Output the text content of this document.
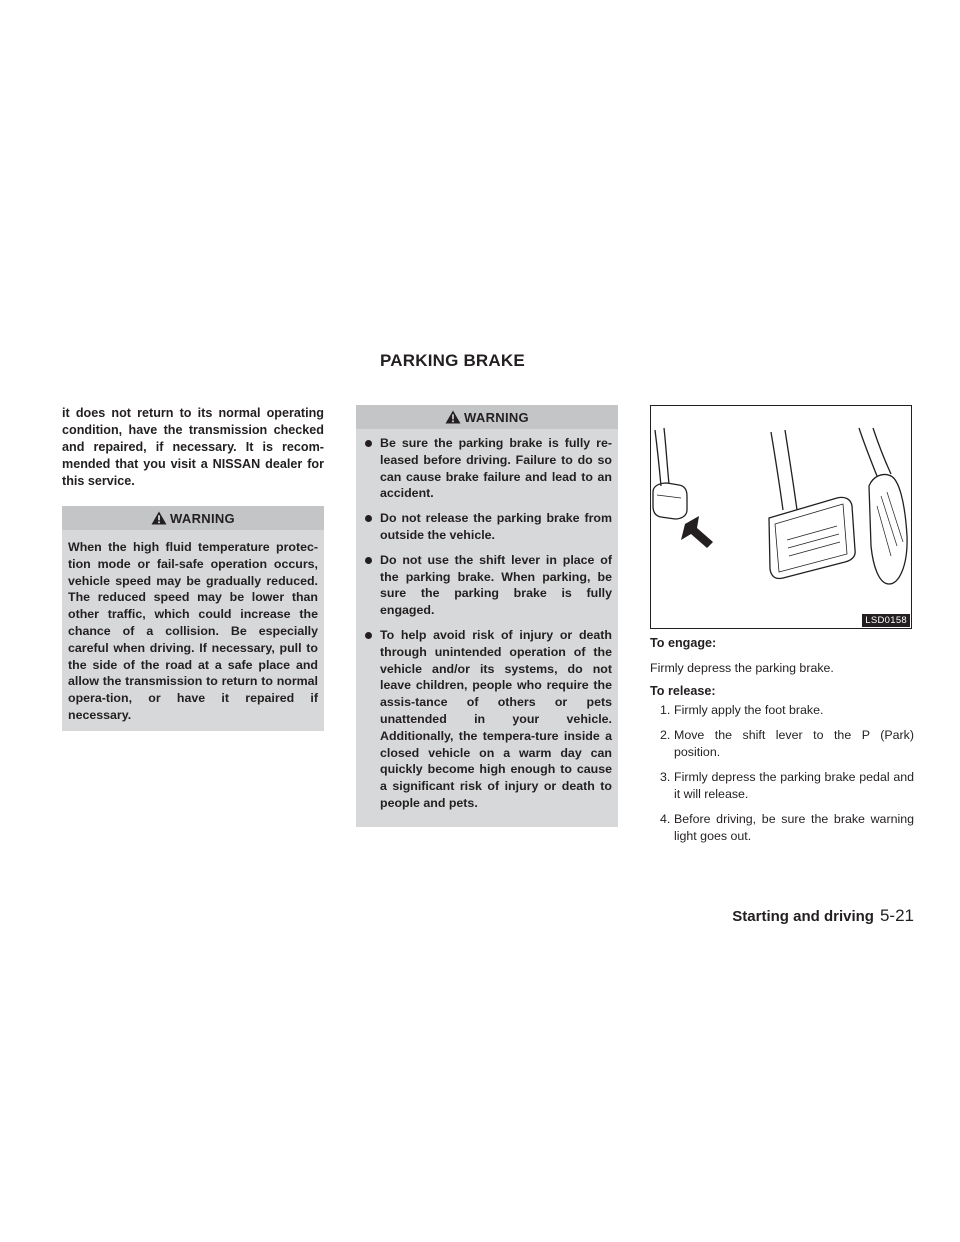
PARKING BRAKE

it does not return to its normal operating condition, have the transmission checked and repaired, if necessary. It is recom-mended that you visit a NISSAN dealer for this service.

WARNING

When the high fluid temperature protec-tion mode or fail-safe operation occurs, vehicle speed may be gradually reduced. The reduced speed may be lower than other traffic, which could increase the chance of a collision. Be especially careful when driving. If necessary, pull to the side of the road at a safe place and allow the transmission to return to normal opera-tion, or have it repaired if necessary.

WARNING
Be sure the parking brake is fully re-leased before driving. Failure to do so can cause brake failure and lead to an accident.
Do not release the parking brake from outside the vehicle.
Do not use the shift lever in place of the parking brake. When parking, be sure the parking brake is fully engaged.
To help avoid risk of injury or death through unintended operation of the vehicle and/or its systems, do not leave children, people who require the assis-tance of others or pets unattended in your vehicle. Additionally, the tempera-ture inside a closed vehicle on a warm day can quickly become high enough to cause a significant risk of injury or death to people and pets.
LSD0158

To engage:

Firmly depress the parking brake.

To release:

1. Firmly apply the foot brake.
2. Move the shift lever to the P (Park) position.
3. Firmly depress the parking brake pedal and it will release.
4. Before driving, be sure the brake warning light goes out.
Starting and driving 5-21
